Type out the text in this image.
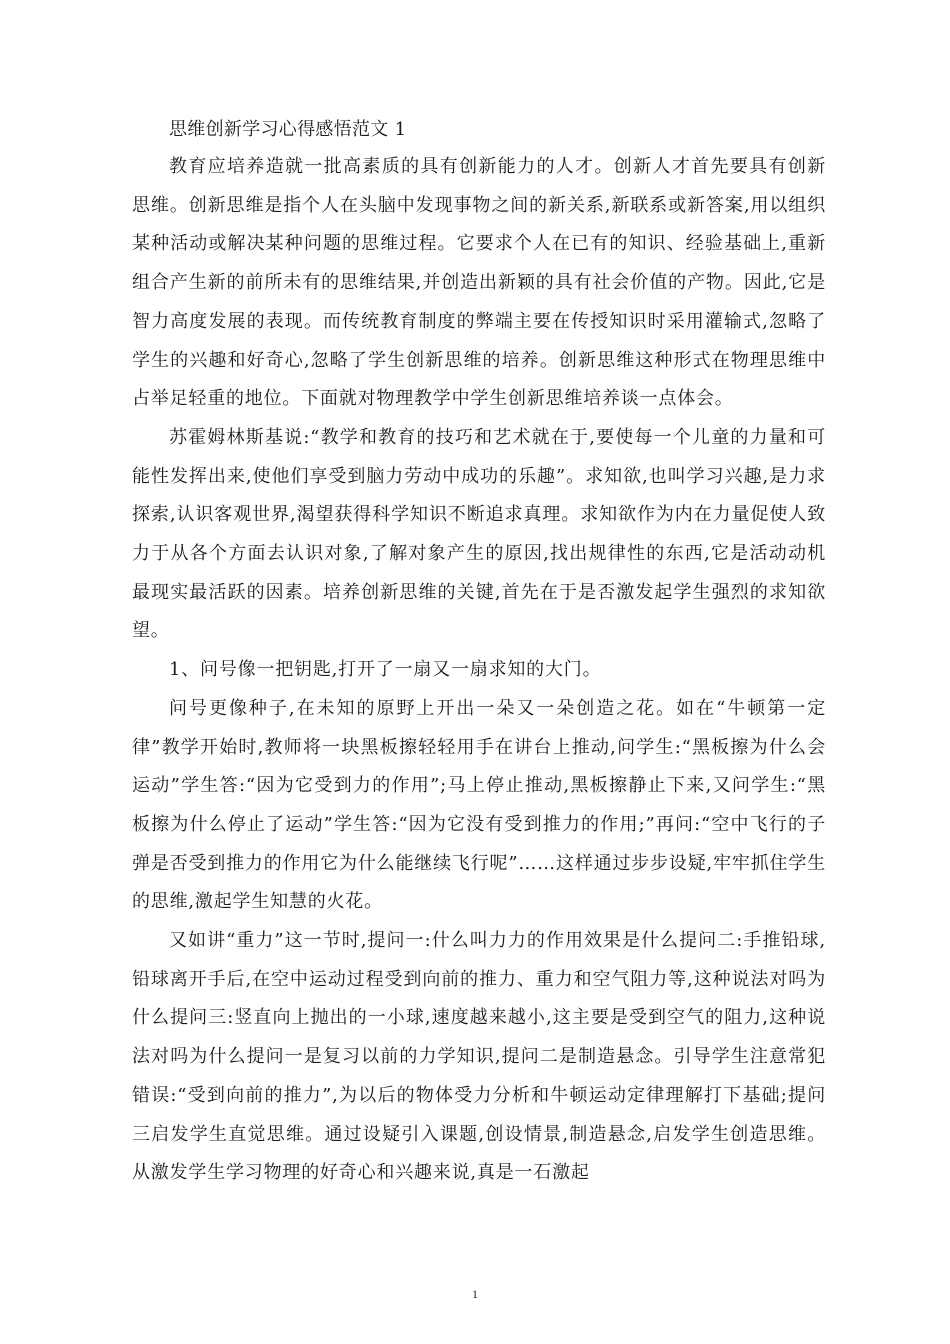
思维创新学习心得感悟范文 1

教育应培养造就一批高素质的具有创新能力的人才。创新人才首先要具有创新思维。创新思维是指个人在头脑中发现事物之间的新关系,新联系或新答案,用以组织某种活动或解决某种问题的思维过程。它要求个人在已有的知识、经验基础上,重新组合产生新的前所未有的思维结果,并创造出新颖的具有社会价值的产物。因此,它是智力高度发展的表现。而传统教育制度的弊端主要在传授知识时采用灌输式,忽略了学生的兴趣和好奇心,忽略了学生创新思维的培养。创新思维这种形式在物理思维中占举足轻重的地位。下面就对物理教学中学生创新思维培养谈一点体会。

苏霍姆林斯基说:“教学和教育的技巧和艺术就在于,要使每一个儿童的力量和可能性发挥出来,使他们享受到脑力劳动中成功的乐趣”。求知欲,也叫学习兴趣,是力求探索,认识客观世界,渴望获得科学知识不断追求真理。求知欲作为内在力量促使人致力于从各个方面去认识对象,了解对象产生的原因,找出规律性的东西,它是活动动机最现实最活跃的因素。培养创新思维的关键,首先在于是否激发起学生强烈的求知欲望。

1、问号像一把钥匙,打开了一扇又一扇求知的大门。

问号更像种子,在未知的原野上开出一朵又一朵创造之花。如在“牛顿第一定律”教学开始时,教师将一块黑板擦轻轻用手在讲台上推动,问学生:“黑板擦为什么会运动”学生答:“因为它受到力的作用”;马上停止推动,黑板擦静止下来,又问学生:“黑板擦为什么停止了运动”学生答:“因为它没有受到推力的作用;”再问:“空中飞行的子弹是否受到推力的作用它为什么能继续飞行呢”……这样通过步步设疑,牢牢抓住学生的思维,激起学生知慧的火花。

又如讲“重力”这一节时,提问一:什么叫力力的作用效果是什么提问二:手推铅球,铅球离开手后,在空中运动过程受到向前的推力、重力和空气阻力等,这种说法对吗为什么提问三:竖直向上抛出的一小球,速度越来越小,这主要是受到空气的阻力,这种说法对吗为什么提问一是复习以前的力学知识,提问二是制造悬念。引导学生注意常犯错误:“受到向前的推力”,为以后的物体受力分析和牛顿运动定律理解打下基础;提问三启发学生直觉思维。通过设疑引入课题,创设情景,制造悬念,启发学生创造思维。从激发学生学习物理的好奇心和兴趣来说,真是一石激起

1
